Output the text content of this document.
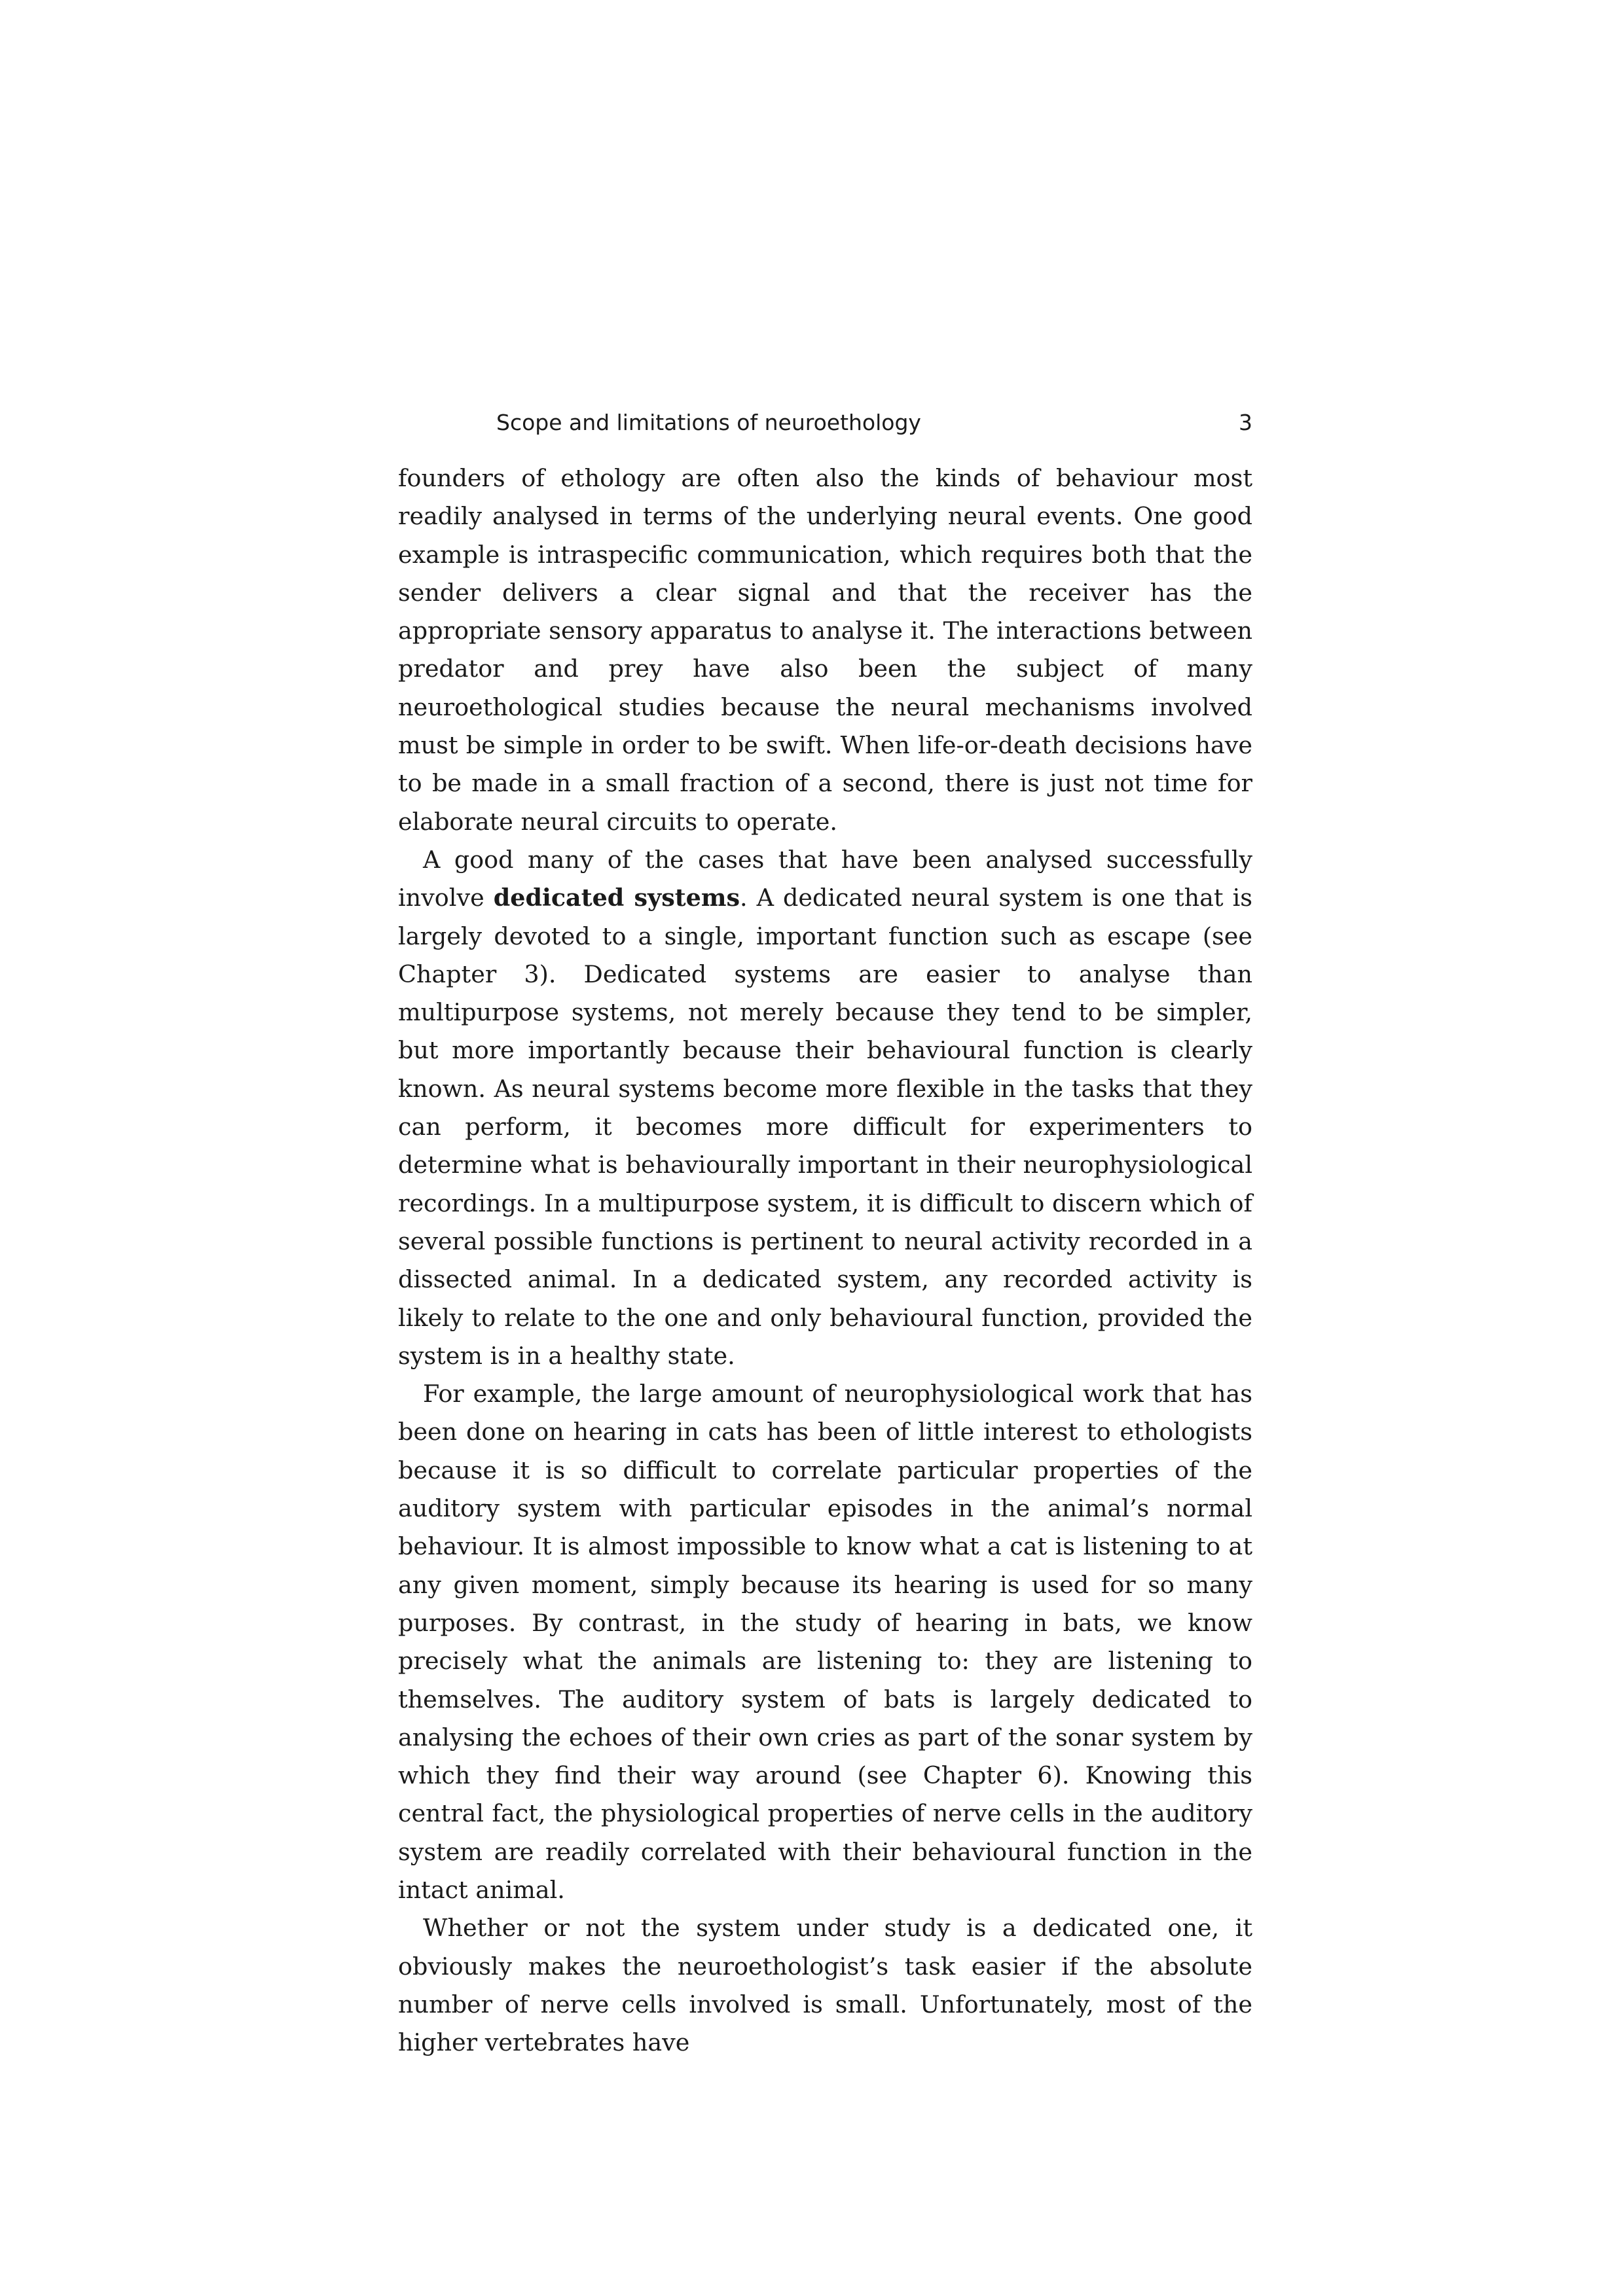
Scope and limitations of neuroethology	3

founders of ethology are often also the kinds of behaviour most readily analysed in terms of the underlying neural events. One good example is intraspecific communication, which requires both that the sender delivers a clear signal and that the receiver has the appropriate sensory apparatus to analyse it. The interactions between predator and prey have also been the subject of many neuroethological studies because the neural mechanisms involved must be simple in order to be swift. When life-or-death decisions have to be made in a small fraction of a second, there is just not time for elaborate neural circuits to operate.

A good many of the cases that have been analysed successfully involve dedicated systems. A dedicated neural system is one that is largely devoted to a single, important function such as escape (see Chapter 3). Dedicated systems are easier to analyse than multipurpose systems, not merely because they tend to be simpler, but more importantly because their behavioural function is clearly known. As neural systems become more flexible in the tasks that they can perform, it becomes more difficult for experimenters to determine what is behaviourally important in their neurophysiological recordings. In a multipurpose system, it is difficult to discern which of several possible functions is pertinent to neural activity recorded in a dissected animal. In a dedicated system, any recorded activity is likely to relate to the one and only behavioural function, provided the system is in a healthy state.

For example, the large amount of neurophysiological work that has been done on hearing in cats has been of little interest to ethologists because it is so difficult to correlate particular properties of the auditory system with particular episodes in the animal’s normal behaviour. It is almost impossible to know what a cat is listening to at any given moment, simply because its hearing is used for so many purposes. By contrast, in the study of hearing in bats, we know precisely what the animals are listening to: they are listening to themselves. The auditory system of bats is largely dedicated to analysing the echoes of their own cries as part of the sonar system by which they find their way around (see Chapter 6). Knowing this central fact, the physiological properties of nerve cells in the auditory system are readily correlated with their behavioural function in the intact animal.

Whether or not the system under study is a dedicated one, it obviously makes the neuroethologist’s task easier if the absolute number of nerve cells involved is small. Unfortunately, most of the higher vertebrates have
